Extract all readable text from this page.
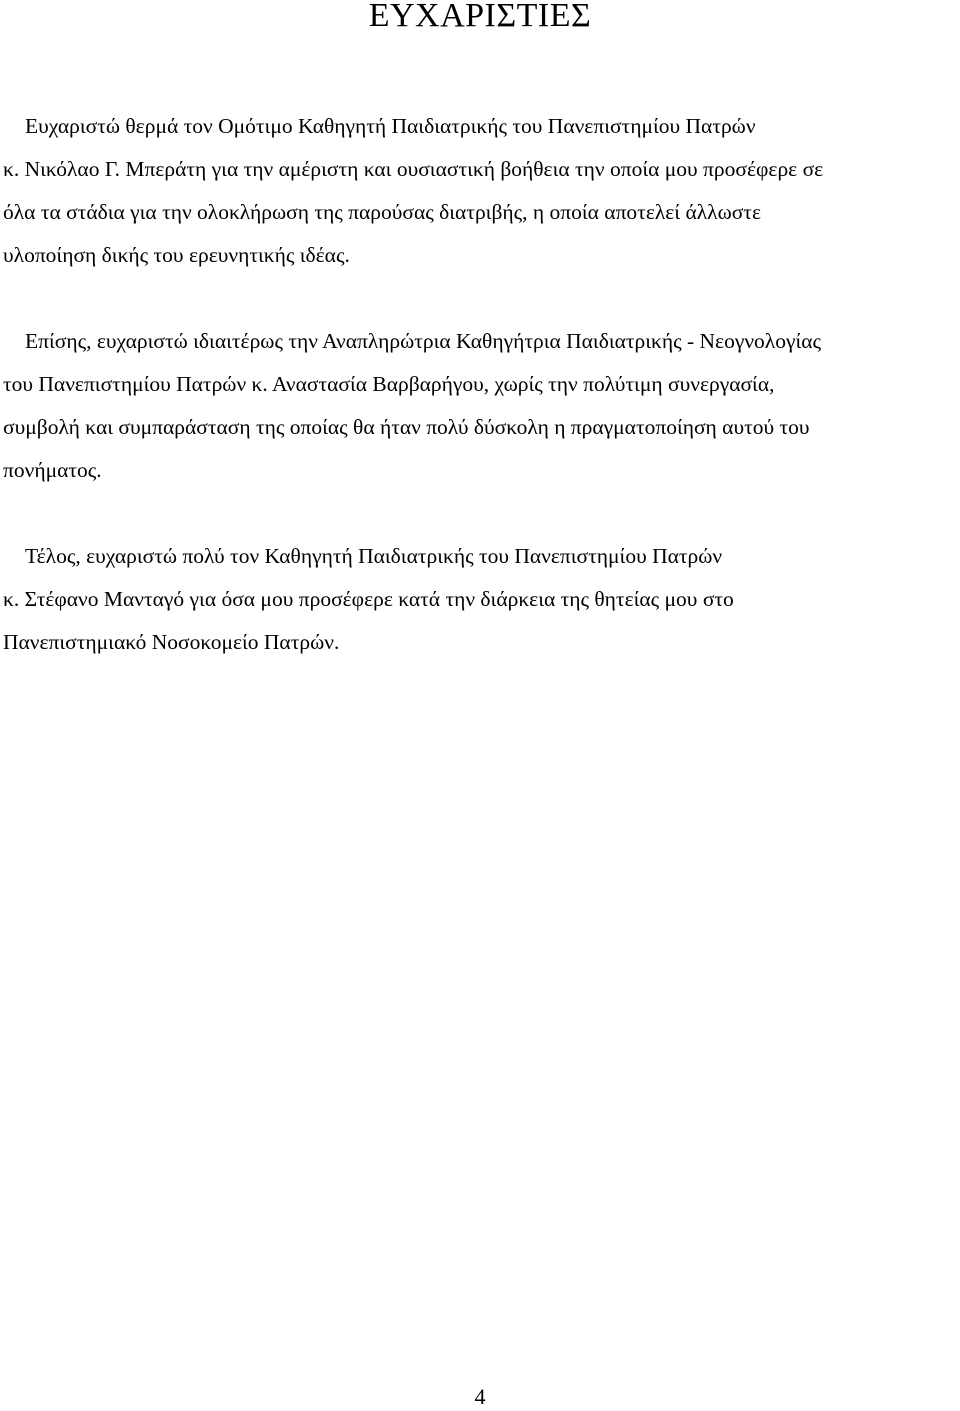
ΕΥΧΑΡΙΣΤΙΕΣ

Ευχαριστώ θερμά τον Ομότιμο Καθηγητή Παιδιατρικής του Πανεπιστημίου Πατρών
κ. Νικόλαο Γ. Μπεράτη για την αμέριστη και ουσιαστική βοήθεια την οποία μου προσέφερε σε
όλα τα στάδια για την ολοκλήρωση της παρούσας διατριβής, η οποία αποτελεί άλλωστε
υλοποίηση δικής του ερευνητικής ιδέας.

Επίσης, ευχαριστώ ιδιαιτέρως την Αναπληρώτρια Καθηγήτρια Παιδιατρικής - Νεογνολογίας
του Πανεπιστημίου Πατρών κ. Αναστασία Βαρβαρήγου, χωρίς την πολύτιμη συνεργασία,
συμβολή και συμπαράσταση της οποίας θα ήταν πολύ δύσκολη η πραγματοποίηση αυτού του
πονήματος.

Τέλος, ευχαριστώ πολύ τον Καθηγητή Παιδιατρικής του Πανεπιστημίου Πατρών
κ. Στέφανο Μανταγό για όσα μου προσέφερε κατά την διάρκεια της θητείας μου στο
Πανεπιστημιακό Νοσοκομείο Πατρών.

4
